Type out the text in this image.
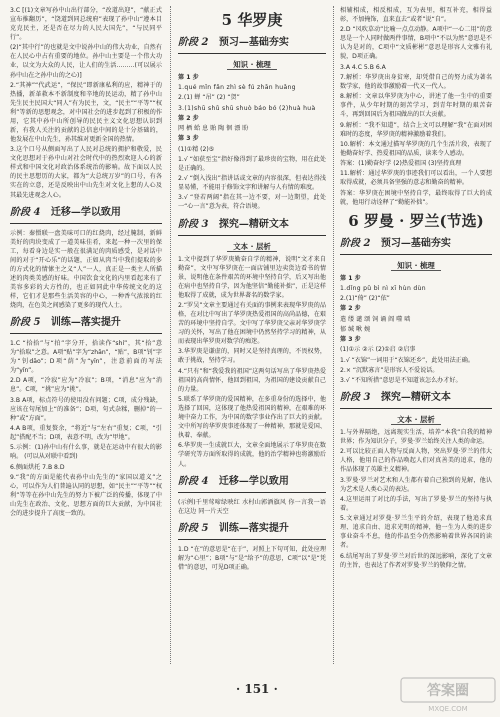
3.C [(1)文章写孙中山出行部分，“改道出迎”，“献正式宣布推翻历”，“饶道到同总统府”表现了孙中山“遵本目克克民主，还是否在尽力的人民大国先”，“与民同平行”。

(2)“其中行”的也就是文中说孙中山的伟大功业，自然有在人民心中占有重要的地位。孙中山主要是一个伟大功业，以文为大众的人民，让人们的生活...……(可以展示孙中山在之孙中山的之心)]

2.“其神”“代武运”，“保民”即新康私利的应，精神于的热播，新革救本不新制度和辛地的民运动，精了孙中山先生民主民国大“同人”有为民主，文，“民主”“平等”“权利”等新的思想观念，对中国社会的进步起到了积极的作用，它其中孙中山所创导的民民主义文化思想认识到新，有我人关注的贡献的总信息中间的是十分基础的，他发展在中山先生，孙其维对更新全国的热情。

3.这个口号从侧面写出了人民对总统的拥护和敬爱，民文化思想对于孙中山对社会时代中的热烈欢迎人心的新样式和中国文化对政治体系统治的影响。故下面以人民的民主思想历的大家，都为“大总统万岁”的口号，有各实在的立意，还是反映出中山先生对文化上想的人心及其最先进观念人心。

阶段 4 迁移—学以致用

示例：秦慑联一盘美味可口的红烧肉，经过腌制，新鲜美好的肉块变成了一道美味佳肴，来起一种一次里的保工，每看身边是实一般在很满足的肉质感受，是对话中间的对于“开心乐”的话题，正如从肉当中我们提取的多的方式化的情愫主之义“人”一人，真正是一类主人所描述的肉类美感的好味。中国饮食文化的内里看起来有了美容多彩的大方性的，也正如同此中华传统文化的这样，它们才是那些生活美容的中心，一种香气浓浓的红烧肉，在色美之间感染了更多的现代人士。

阶段 5 训练—落实提升

1.C “拾拾”与“拍”字分开，拾读作“shí”，其“拾”意为“拾取”之意。A项“贴”字为“zhān”，“贴”，B项“钊”字为“钊dāo”；D项“荫”为“yīn”，注意前面的写法为“yǐn”。

2.D A项，“冷寂”应为“冷寂”；B项，“消息”应为“消息”。C项，“挑”应为“挑”。

3.B A项，标点符号的使用没有问题；C项，成分残缺，应该在句尾加上“的准备”；D项，句式杂糅，删掉“的一种”或“方面”。

4.A B项，重复赘余，“将近”与“左右”重复；C项，“引起”搭配不当；D项，表意不明，改为“甲地”。

5.示例：(1)孙中山有什么事，就是在运动中有很大的影响。 (可以从对联中看到)

6.侧面烘托 7.B 8.D

9.“我”的方面是能代表孙中山先生的“家国以道义”之心，可以作为人们普遍认同的思想，如“民主”“平等”“权利”等等在孙中山先生的努力下被广泛的传播，体现了中山先生在政治、文化、思想方面的巨大贡献，为中国社会的进步提升了高度一致的。

5 华罗庚
阶段 2 预习—基础夯实
知识 · 梳理

第 1 步

1.qué mǐn fǎn zhì sè fú zhān huǎng

2.(1) 蝉 “吊” (2) “贺”

3.(1)shū shǔ shū shuò báo bó (2)huà huà

第 2 步

网 栖 蛤 息 貽 陶 徊 漂 盼

第 3 步

(1)①精 (2)⑤

1.√ “如获至宝”指好像得到了最珍贵的宝物，用在此处是正确的。

2.√ “倒入浅出”指讲话或文章的内容很深，但表达得浅显易懂，不能用于修饰文字和讲解与人有情的难度。

3.√ “登若两阔”指在其一边不要，对一边期望，此处一“心一言”意为表，符合语境。

阶段 3 探究—精研文本
文本 · 层析

1.文中提到了华罗庚勤奋自学的精神，说明“文才来自勤奋”，文中写华罗庚在一面店铺里边卖货边看书的情景，说明他在条件艰苦的环境中坚持自学，后又写出他在病中也坚持自学，因为他坚信“勤能补拙”，正是这样他取得了成就，成为世界著名的数学家。

2.“罗吴”文章主要通过有关面的事例来表现华罗庚的品格，在对比中写出了华罗庚热爱祖国的高尚品德，在艰苦的环境中坚持自学。文中写了华罗庚父亲对华罗庚学习的关怀，写出了他在困境中仍然坚持学习的精神，从而表现出华罗庚对数学的痴迷。

3.华罗庚是谦虚的，同时又是坚持真理的，不畏权势，敢于挑战，坚持学习。

4.“只有”和“我爱我的祖国”这两句话写出了华罗庚热爱祖国的高尚情怀，他回到祖国，为祖国的建设贡献自己的力量。

5.联系了华罗庚的爱国精神，在多重身份的选择中，他选择了回国，这体现了他热爱祖国的精神，在艰难的环境中奋力工作，为中国的数学事业作出了巨大的贡献。文中所写的华罗庚事迹体现了一种精神，那就是爱国、执着、奉献。

6.华罗庚一生成就巨大，文章全面地展示了华罗庚在数学研究等方面所取得的成就，他的治学精神也将激励后人。

阶段 4 迁移—学以致用

(示例)千里莺啼绿映红 水村山郭酒旗风 你一言我一语在这边 同一片天空

阶段 5 训练—落实提升

1.D “在”的意思是“在于”，对照上下句可知，此处应理解为“心里”；B项“与”是“给予”的意思，C项“以”是“凭借”的意思，可见D项正确。

相辅相成，相反相成，互为表里，相互补充，相得益彰，不加掩饰，直来直去“或者”说“自”。

2.D “风吹草动”比喻一点点动静。A项中“一心二用”的意思是一个人同时做两件事情，B项中“不以为然”意思是不认为是对的，C项中“文质彬彬”意思是形容人文雅有礼貌，D项正确。

3.A 4.C 5.B 6.A

7.解析：华罗庚出身贫寒，却凭借自己的努力成为著名数学家，他的故事激励着一代又一代人。

8.解析：文章以华罗庚为中心，讲述了他一生中的重要事件，从少年时期的刻苦学习，到青年时期的艰苦奋斗，再到回国后为祖国做出的巨大贡献。

9.解析：“我不知道”，结合上文可以理解“我”在面对困难时的态度，华罗庚的精神激励着我们。

10.解析：本文通过描写华罗庚的几个生活片段，表现了他勤奋好学、热爱祖国的品质，读来令人感动。

答案：(1)勤奋好学 (2)热爱祖国 (3)坚持真理

11.解析：通过华罗庚的事迹我们可以看出，一个人要想取得成就，必须具备坚强的意志和勤奋的精神。

答案：华罗庚在困境中坚持自学，最终取得了巨大的成就，他用行动诠释了“勤能补拙”。

6 罗曼 · 罗兰(节选)
阶段 2 预习—基础夯实
知识 · 梳理

第 1 步

1.dǐng pǔ bì nì xī hùn dùn

2.(1)“倚” (2)“依”

第 2 步

遣 缕 谴 颂 饲 诵 阎 噬 啮

郁 缄 啾 婉

第 3 步

(1)①示 ②示 (2)①启 ②启事

1.√ “衣锦”一词用于“衣锦还乡”，此处用法正确。

2.× “沉默寡言”是形容人不爱说话。

3.√ “不知所措”意思是不知道该怎么办才好。

阶段 3 探究—精研文本
文本 · 层析

1.与外界隔绝，远离现实生活，培养“本我”自我的精神世界；作为知识分子，罗曼·罗兰始终关注人类的命运。

2.可以比较正面人物与反面人物，突出罗曼·罗兰的伟大人格，他用自己的作品唤起人们对真善美的追求，他的作品体现了英雄主义精神。

3.罗曼·罗兰对艺术和人生都有着自己独到的见解，他认为艺术是人类心灵的表达。

4.这里运用了对比的手法，写出了罗曼·罗兰的坚持与执着。

5.文章通过对罗曼·罗兰生平的介绍，表现了他追求真理、追求自由、追求光明的精神，他一生为人类的进步事业奋斗不息，他的作品至今仍然影响着世界各国的读者。

6.结尾写出了罗曼·罗兰对后世的深远影响，深化了文章的主旨，也表达了作者对罗曼·罗兰的敬仰之情。

· 151 ·	答案圈
MXQE.COM
